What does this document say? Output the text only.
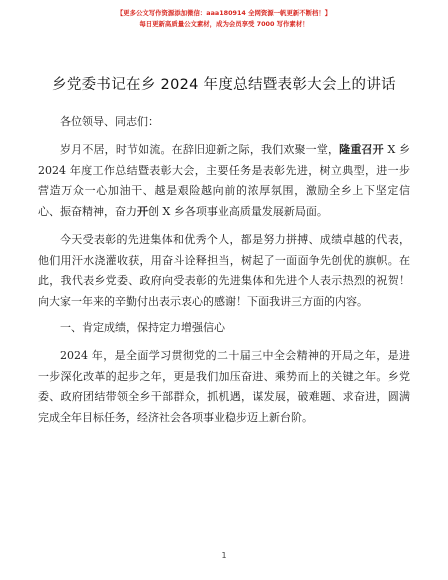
【更多公文写作资源添加微信：aaa180914 全网资源一帆更新不断档！】
每日更新高质量公文素材，成为会员享受 7000 写作素材！
乡党委书记在乡 2024 年度总结暨表彰大会上的讲话
各位领导、同志们：

岁月不居，时节如流。在辞旧迎新之际，我们欢聚一堂，隆重召开 X 乡 2024 年度工作总结暨表彰大会，主要任务是表彰先进，树立典型，进一步营造万众一心加油干、越是艰险越向前的浓厚氛围，激励全乡上下坚定信心、振奋精神，奋力开创 X 乡各项事业高质量发展新局面。

今天受表彰的先进集体和优秀个人，都是努力拼搏、成绩卓越的代表，他们用汗水浇灌收获，用奋斗诠释担当，树起了一面面争先创优的旗帜。在此，我代表乡党委、政府向受表彰的先进集体和先进个人表示热烈的祝贺！向大家一年来的辛勤付出表示衷心的感谢！下面我讲三方面的内容。

一、肯定成绩，保持定力增强信心

2024 年，是全面学习贯彻党的二十届三中全会精神的开局之年，是进一步深化改革的起步之年，更是我们加压奋进、乘势而上的关键之年。乡党委、政府团结带领全乡干部群众，抓机遇，谋发展，破难题、求奋进，圆满完成全年目标任务，经济社会各项事业稳步迈上新台阶。

1
